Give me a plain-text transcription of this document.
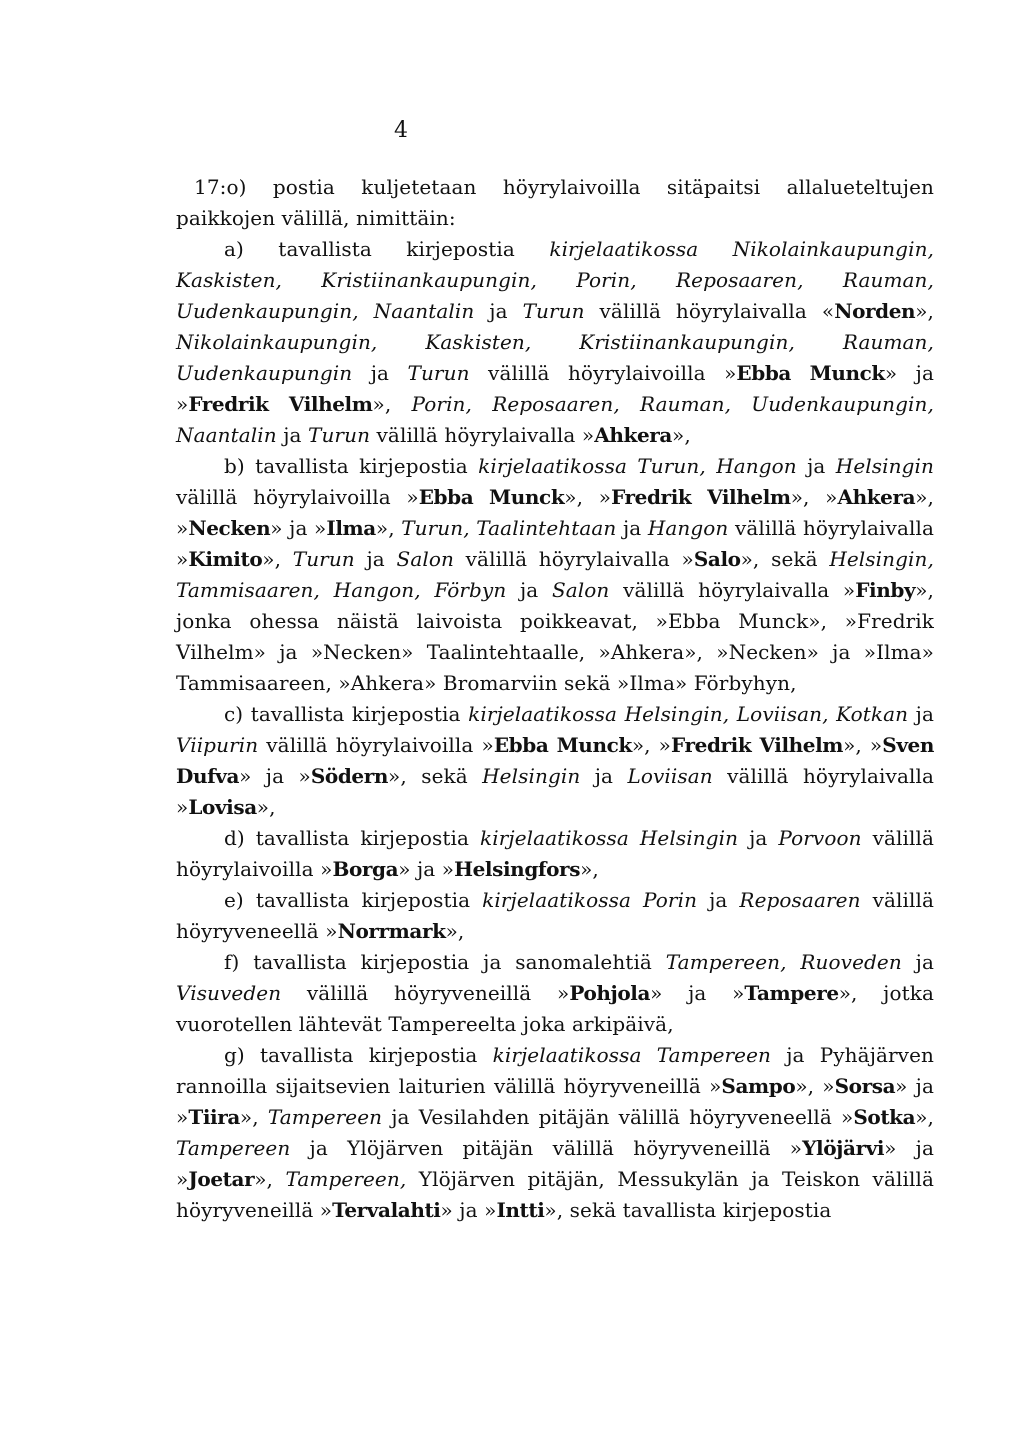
4

17:o) postia kuljetetaan höyrylaivoilla sitäpaitsi allalueteltujen paikkojen välillä, nimittäin:

a) tavallista kirjepostia kirjelaatikossa Nikolainkaupungin, Kaskisten, Kristiinankaupungin, Porin, Reposaaren, Rauman, Uudenkaupungin, Naantalin ja Turun välillä höyrylaivalla «Norden», Nikolainkaupungin, Kaskisten, Kristiinankaupungin, Rauman, Uudenkaupungin ja Turun välillä höyrylaivoilla »Ebba Munck» ja »Fredrik Vilhelm», Porin, Reposaaren, Rauman, Uudenkaupungin, Naantalin ja Turun välillä höyrylaivalla »Ahkera»,

b) tavallista kirjepostia kirjelaatikossa Turun, Hangon ja Helsingin välillä höyrylaivoilla »Ebba Munck», »Fredrik Vilhelm», »Ahkera», »Necken» ja »Ilma», Turun, Taalintehtaan ja Hangon välillä höyrylaivalla »Kimito», Turun ja Salon välillä höyrylaivalla »Salo», sekä Helsingin, Tammisaaren, Hangon, Förbyn ja Salon välillä höyrylaivalla »Finby», jonka ohessa näistä laivoista poikkeavat, »Ebba Munck», »Fredrik Vilhelm» ja »Necken» Taalintehtaalle, »Ahkera», »Necken» ja »Ilma» Tammisaareen, »Ahkera» Bromarviin sekä »Ilma» Förbyhyn,

c) tavallista kirjepostia kirjelaatikossa Helsingin, Loviisan, Kotkan ja Viipurin välillä höyrylaivoilla »Ebba Munck», »Fredrik Vilhelm», »Sven Dufva» ja »Södern», sekä Helsingin ja Loviisan välillä höyrylaivalla »Lovisa»,

d) tavallista kirjepostia kirjelaatikossa Helsingin ja Porvoon välillä höyrylaivoilla »Borga» ja »Helsingfors»,

e) tavallista kirjepostia kirjelaatikossa Porin ja Reposaaren välillä höyryveneellä »Norrmark»,

f) tavallista kirjepostia ja sanomalehtiä Tampereen, Ruoveden ja Visuveden välillä höyryveneillä »Pohjola» ja »Tampere», jotka vuorotellen lähtevät Tampereelta joka arkipäivä,

g) tavallista kirjepostia kirjelaatikossa Tampereen ja Pyhäjärven rannoilla sijaitsevien laiturien välillä höyryveneillä »Sampo», »Sorsa» ja »Tiira», Tampereen ja Vesilahden pitäjän välillä höyryveneellä »Sotka», Tampereen ja Ylöjärven pitäjän välillä höyryveneillä »Ylöjärvi» ja »Joetar», Tampereen, Ylöjärven pitäjän, Messukylän ja Teiskon välillä höyryveneillä »Tervalahti» ja »Intti», sekä tavallista kirjepostia
